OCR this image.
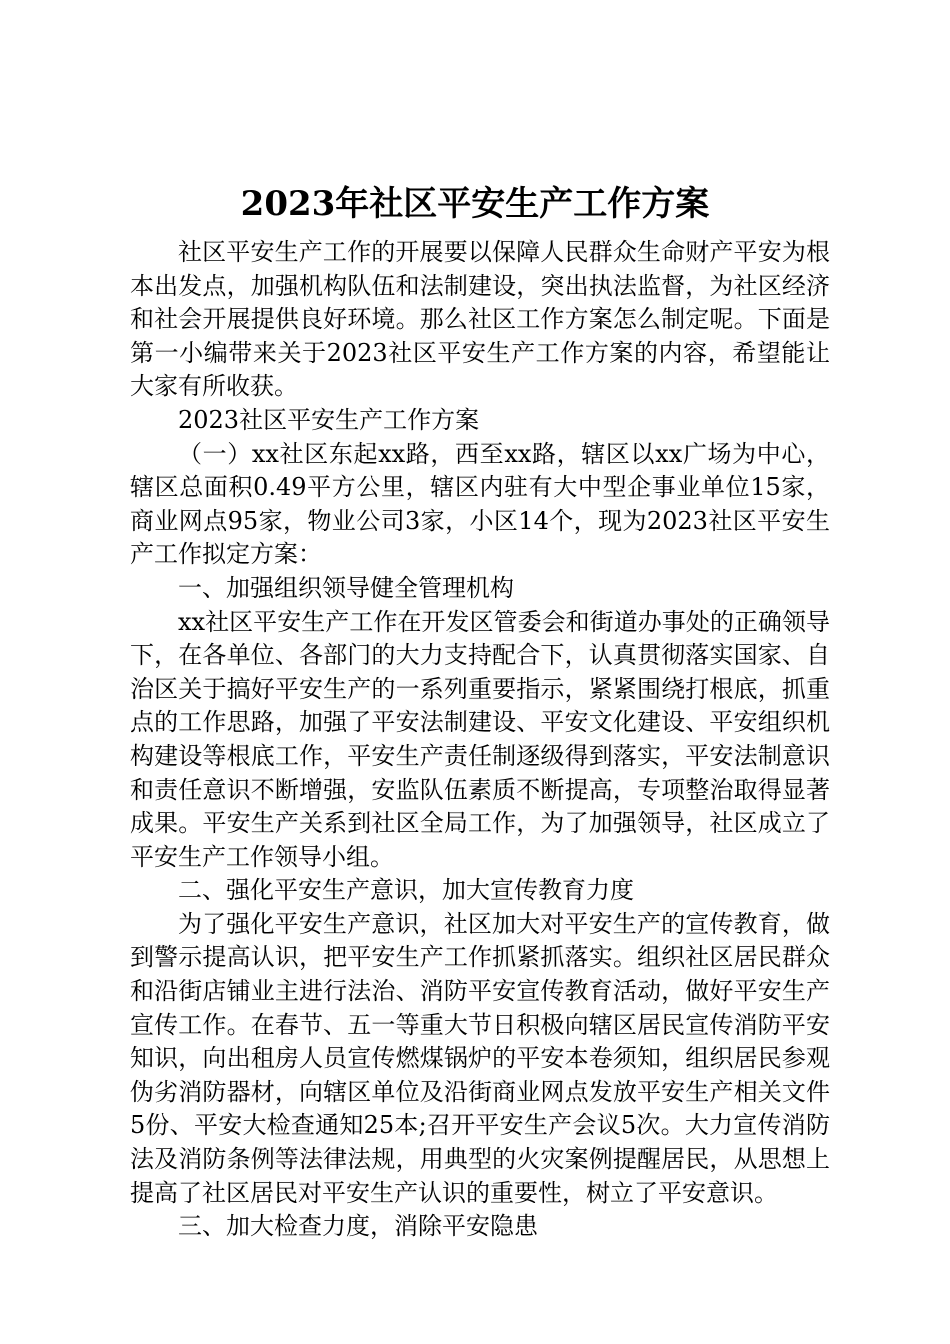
2023年社区平安生产工作方案

社区平安生产工作的开展要以保障人民群众生命财产平安为根本出发点，加强机构队伍和法制建设，突出执法监督，为社区经济和社会开展提供良好环境。那么社区工作方案怎么制定呢。下面是第一小编带来关于2023社区平安生产工作方案的内容，希望能让大家有所收获。

2023社区平安生产工作方案

（一）xx社区东起xx路，西至xx路，辖区以xx广场为中心，辖区总面积0.49平方公里，辖区内驻有大中型企事业单位15家，商业网点95家，物业公司3家，小区14个，现为2023社区平安生产工作拟定方案：

一、加强组织领导健全管理机构

xx社区平安生产工作在开发区管委会和街道办事处的正确领导下，在各单位、各部门的大力支持配合下，认真贯彻落实国家、自治区关于搞好平安生产的一系列重要指示，紧紧围绕打根底，抓重点的工作思路，加强了平安法制建设、平安文化建设、平安组织机构建设等根底工作，平安生产责任制逐级得到落实，平安法制意识和责任意识不断增强，安监队伍素质不断提高，专项整治取得显著成果。平安生产关系到社区全局工作，为了加强领导，社区成立了平安生产工作领导小组。

二、强化平安生产意识，加大宣传教育力度

为了强化平安生产意识，社区加大对平安生产的宣传教育，做到警示提高认识，把平安生产工作抓紧抓落实。组织社区居民群众和沿街店铺业主进行法治、消防平安宣传教育活动，做好平安生产宣传工作。在春节、五一等重大节日积极向辖区居民宣传消防平安知识，向出租房人员宣传燃煤锅炉的平安本卷须知，组织居民参观伪劣消防器材，向辖区单位及沿街商业网点发放平安生产相关文件5份、平安大检查通知25本;召开平安生产会议5次。大力宣传消防法及消防条例等法律法规，用典型的火灾案例提醒居民，从思想上提高了社区居民对平安生产认识的重要性，树立了平安意识。

三、加大检查力度，消除平安隐患
